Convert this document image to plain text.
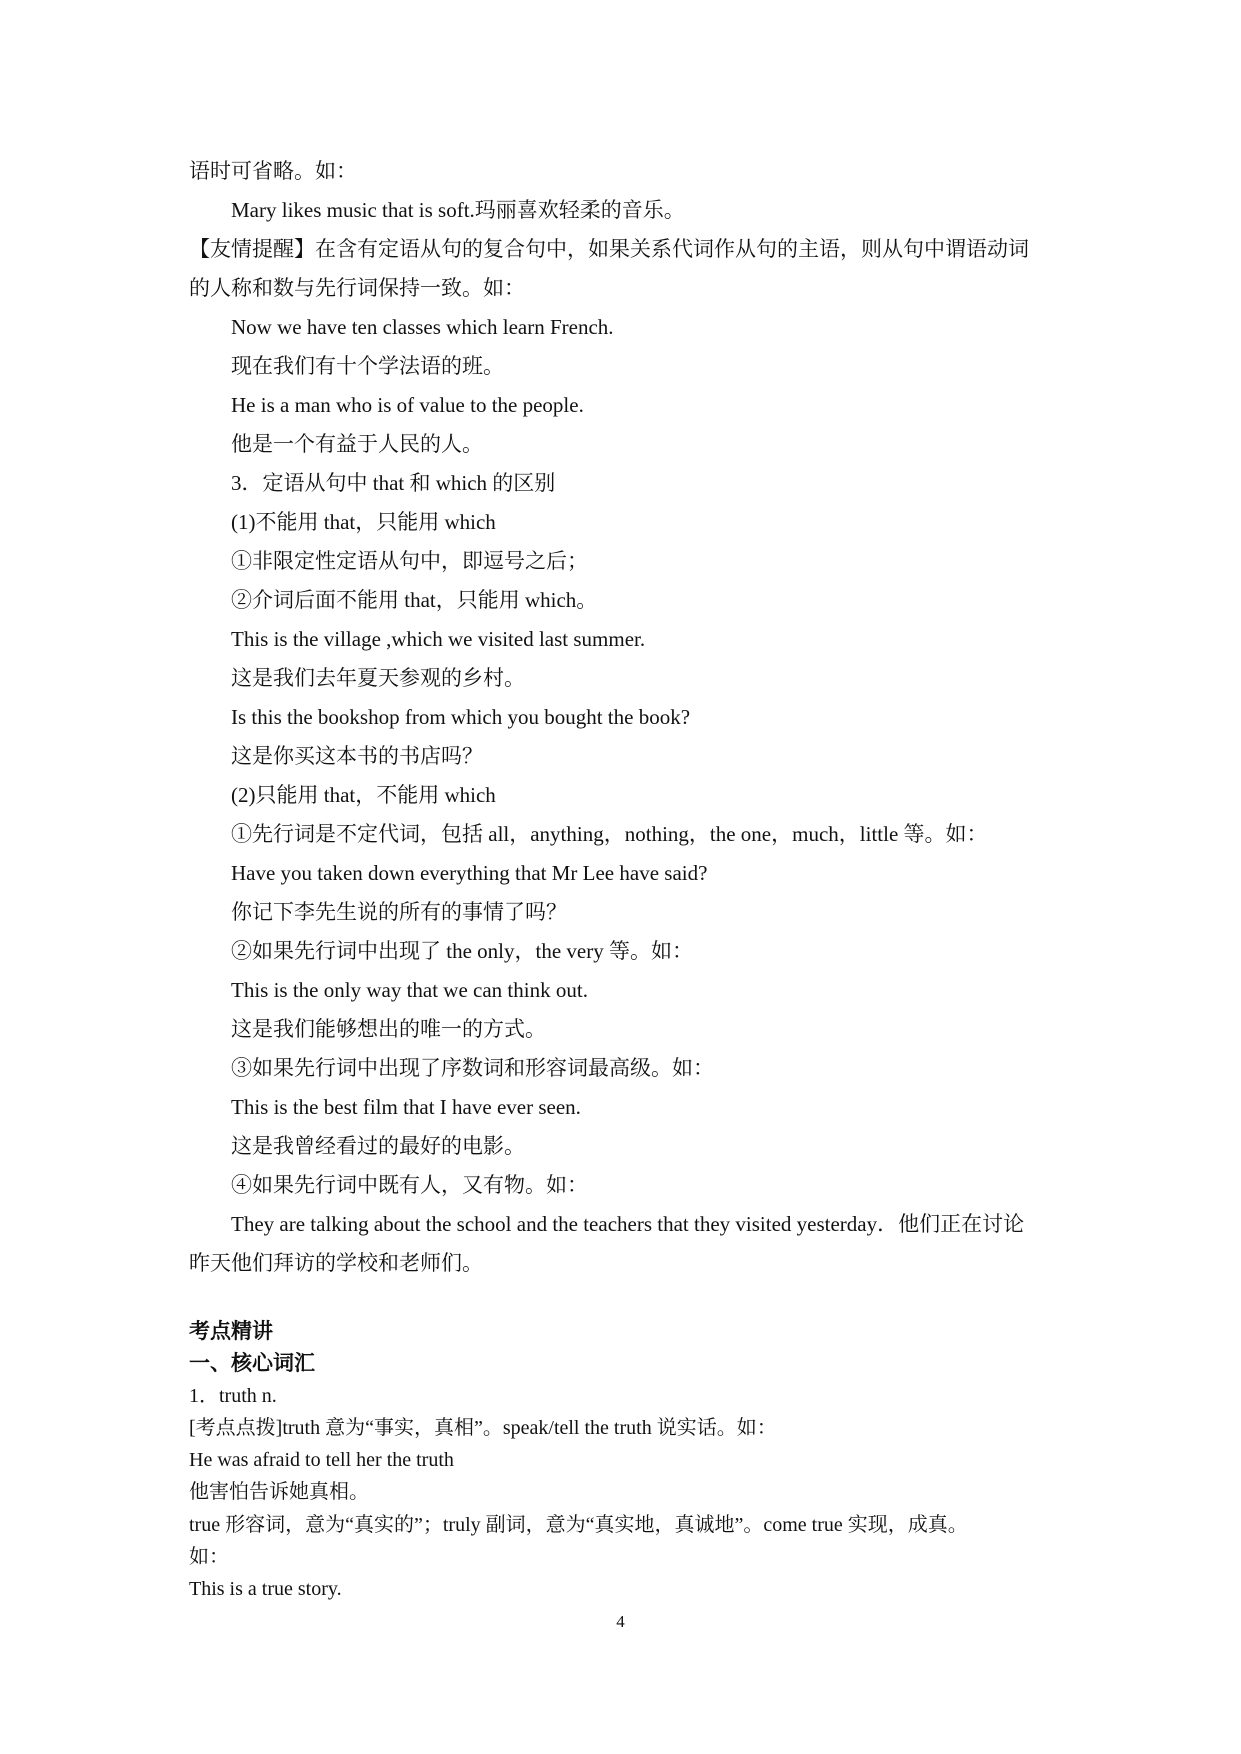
语时可省略。如：
Mary likes music that is soft.玛丽喜欢轻柔的音乐。
【友情提醒】在含有定语从句的复合句中，如果关系代词作从句的主语，则从句中谓语动词
的人称和数与先行词保持一致。如：
Now we have ten classes which learn French.
现在我们有十个学法语的班。
He is a man who is of value to the people.
他是一个有益于人民的人。
3．定语从句中 that 和 which 的区别
(1)不能用 that，只能用 which
①非限定性定语从句中，即逗号之后；
②介词后面不能用 that，只能用 which。
This is the village ,which we visited last summer.
这是我们去年夏天参观的乡村。
Is this the bookshop from which you bought the book?
这是你买这本书的书店吗？
(2)只能用 that，不能用 which
①先行词是不定代词，包括 all，anything，nothing，the one，much，little 等。如：
Have you taken down everything that Mr Lee have said?
你记下李先生说的所有的事情了吗？
②如果先行词中出现了 the only，the very 等。如：
This is the only way that we can think out.
这是我们能够想出的唯一的方式。
③如果先行词中出现了序数词和形容词最高级。如：
This is the best film that I have ever seen.
这是我曾经看过的最好的电影。
④如果先行词中既有人，又有物。如：
They are talking about the school and the teachers that they visited yesterday．他们正在讨论
昨天他们拜访的学校和老师们。
考点精讲
一、核心词汇
1．truth n.
[考点点拨]truth 意为“事实，真相”。speak/tell the truth 说实话。如：
He was afraid to tell her the truth
他害怕告诉她真相。
true 形容词，意为“真实的”；truly 副词，意为“真实地，真诚地”。come true 实现，成真。
如：
This is a true story.
4
